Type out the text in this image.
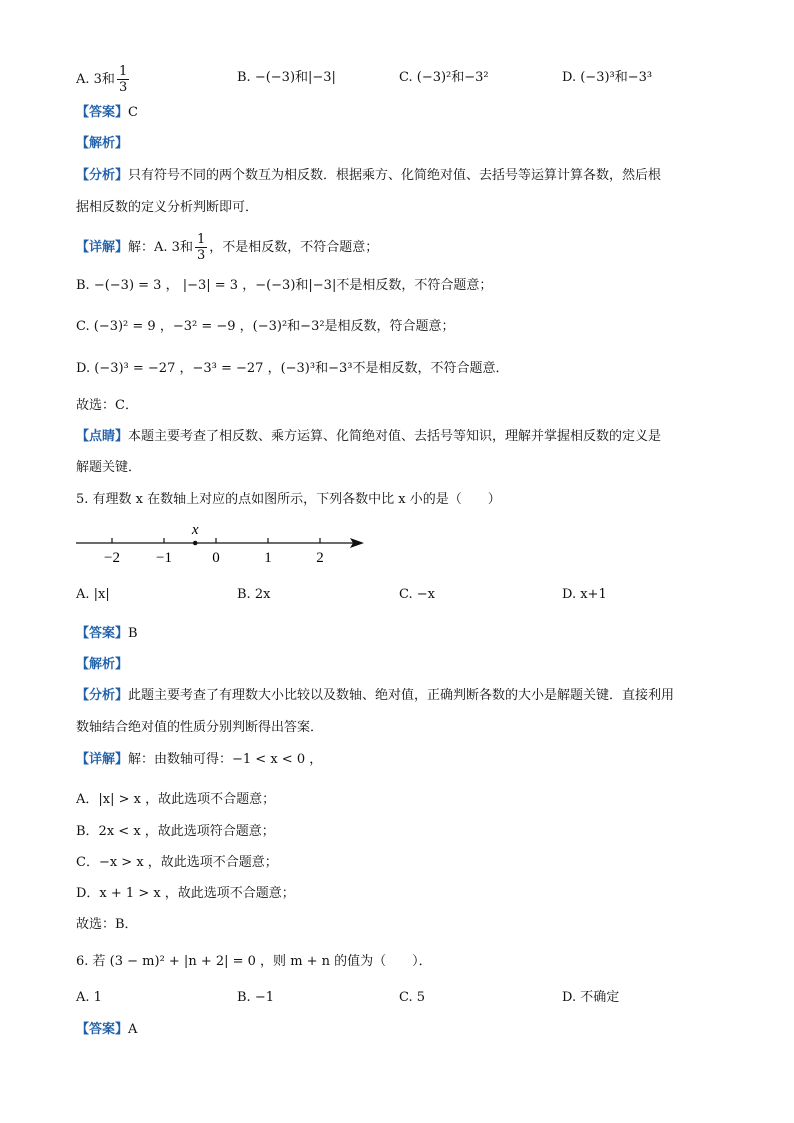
A. 3和 $\frac{1}{3}$	B. −(−3)和|−3|	C. (−3)²和−3²	D. (−3)³和−3³
【答案】C
【解析】
【分析】只有符号不同的两个数互为相反数．根据乘方、化简绝对值、去括号等运算计算各数，然后根
据相反数的定义分析判断即可．
【详解】解：A. 3和 $\frac{1}{3}$ ，不是相反数，不符合题意；
B. −(−3) = 3 ， |−3| = 3 ，−(−3)和|−3|不是相反数，不符合题意；
C. (−3)² = 9 ，−3² = −9 ，(−3)²和−3²是相反数，符合题意；
D. (−3)³ = −27 ，−3³ = −27 ，(−3)³和−3³不是相反数，不符合题意．
故选：C．
【点睛】本题主要考查了相反数、乘方运算、化简绝对值、去括号等知识，理解并掌握相反数的定义是
解题关键．
5. 有理数 x 在数轴上对应的点如图所示，下列各数中比 x 小的是（　　）
−2 −1	0	1	2
x
A. |x|	B. 2x	C. −x	D. x+1
【答案】B
【解析】
【分析】此题主要考查了有理数大小比较以及数轴、绝对值，正确判断各数的大小是解题关键．直接利用
数轴结合绝对值的性质分别判断得出答案．
【详解】解：由数轴可得：−1 < x < 0 ，
A．|x| > x ，故此选项不合题意；
B．2x < x ，故此选项符合题意；
C．−x > x ，故此选项不合题意；
D．x + 1 > x ，故此选项不合题意；
故选：B．
6. 若 (3 − m)² + |n + 2| = 0 ，则 m + n 的值为（　　）．
A. 1	B. −1	C. 5	D. 不确定
【答案】A
